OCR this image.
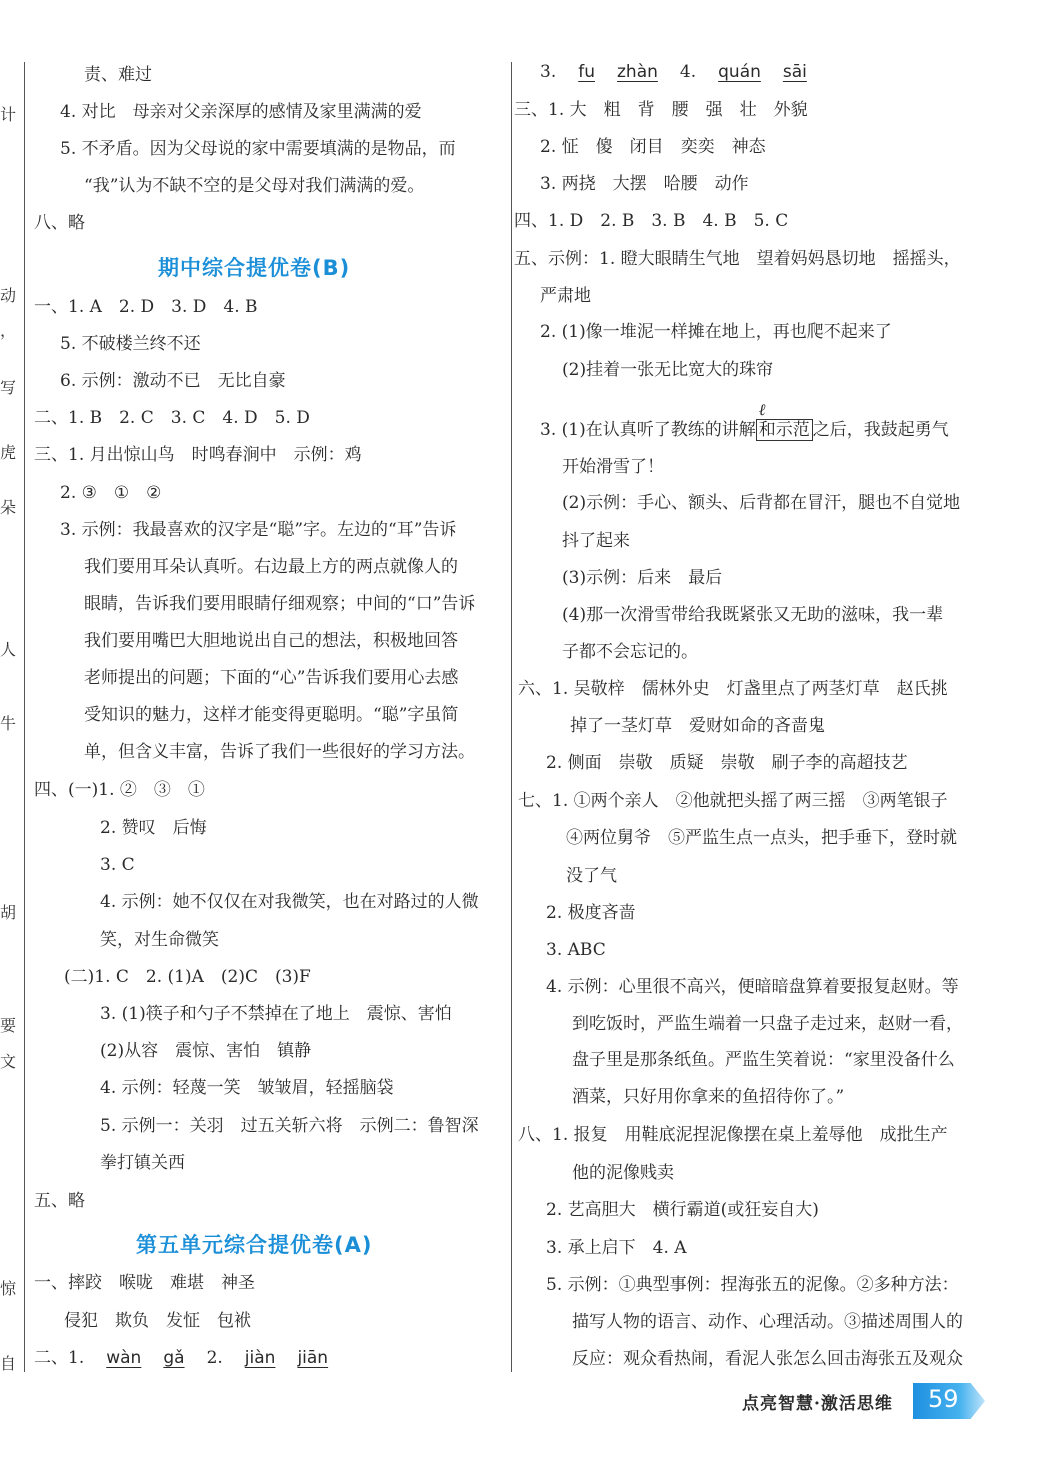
计
动
，
写
虎
朵
人
牛
胡
要
文
惊
自
责、难过
4. 对比　母亲对父亲深厚的感情及家里满满的爱
5. 不矛盾。因为父母说的家中需要填满的是物品，而
“我”认为不缺不空的是父母对我们满满的爱。
八、略
期中综合提优卷(B)
一、1. A　2. D　3. D　4. B
5. 不破楼兰终不还
6. 示例：激动不已　无比自豪
二、1. B　2. C　3. C　4. D　5. D
三、1. 月出惊山鸟　时鸣春涧中　示例：鸡
2. ③　①　②
3. 示例：我最喜欢的汉字是“聪”字。左边的“耳”告诉
我们要用耳朵认真听。右边最上方的两点就像人的
眼睛，告诉我们要用眼睛仔细观察；中间的“口”告诉
我们要用嘴巴大胆地说出自己的想法，积极地回答
老师提出的问题；下面的“心”告诉我们要用心去感
受知识的魅力，这样才能变得更聪明。“聪”字虽简
单，但含义丰富，告诉了我们一些很好的学习方法。
四、(一)1. ②　③　①
2. 赞叹　后悔
3. C
4. 示例：她不仅仅在对我微笑，也在对路过的人微
笑，对生命微笑
(二)1. C　2. (1)A　(2)C　(3)F
3. (1)筷子和勺子不禁掉在了地上　震惊、害怕
(2)从容　震惊、害怕　镇静
4. 示例：轻蔑一笑　皱皱眉，轻摇脑袋
5. 示例一：关羽　过五关斩六将　示例二：鲁智深
拳打镇关西
五、略
第五单元综合提优卷(A)
一、摔跤　喉咙　难堪　神圣
侵犯　欺负　发怔　包袱
二、1. wàn gǎ 2. jiàn jiān
3. fu zhàn 4. quán sāi
三、1. 大　粗　背　腰　强　壮　外貌
2. 怔　傻　闭目　奕奕　神态
3. 两挠　大摆　哈腰　动作
四、1. D　2. B　3. B　4. B　5. C
五、示例：1. 瞪大眼睛生气地　望着妈妈恳切地　摇摇头，
严肃地
2. (1)像一堆泥一样摊在地上，再也爬不起来了
(2)挂着一张无比宽大的珠帘
3. (1)在认真听了教练的讲解
ℓ
和示范 之后，我鼓起勇气
开始滑雪了！
(2)示例：手心、额头、后背都在冒汗，腿也不自觉地
抖了起来
(3)示例：后来　最后
(4)那一次滑雪带给我既紧张又无助的滋味，我一辈
子都不会忘记的。
六、1. 吴敬梓　儒林外史　灯盏里点了两茎灯草　赵氏挑
掉了一茎灯草　爱财如命的吝啬鬼
2. 侧面　崇敬　质疑　崇敬　刷子李的高超技艺
七、1. ①两个亲人　②他就把头摇了两三摇　③两笔银子
④两位舅爷　⑤严监生点一点头，把手垂下，登时就
没了气
2. 极度吝啬
3. ABC
4. 示例：心里很不高兴，便暗暗盘算着要报复赵财。等
到吃饭时，严监生端着一只盘子走过来，赵财一看，
盘子里是那条纸鱼。严监生笑着说：“家里没备什么
酒菜，只好用你拿来的鱼招待你了。”
八、1. 报复　用鞋底泥捏泥像摆在桌上羞辱他　成批生产
他的泥像贱卖
2. 艺高胆大　横行霸道(或狂妄自大)
3. 承上启下　4. A
5. 示例：①典型事例：捏海张五的泥像。②多种方法：
描写人物的语言、动作、心理活动。③描述周围人的
反应：观众看热闹，看泥人张怎么回击海张五及观众
点亮智慧·激活思维 59
